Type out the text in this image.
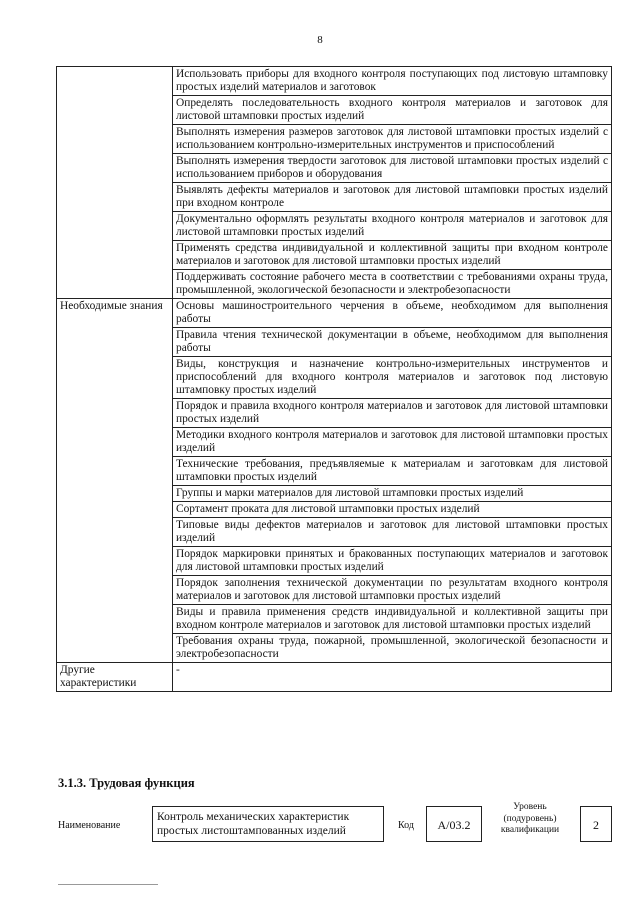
8
	Использовать приборы для входного контроля поступающих под листовую штамповку простых изделий материалов и заготовок
	Определять последовательность входного контроля материалов и заготовок для листовой штамповки простых изделий
	Выполнять измерения размеров заготовок для листовой штамповки простых изделий с использованием контрольно-измерительных инструментов и приспособлений
	Выполнять измерения твердости заготовок для листовой штамповки простых изделий с использованием приборов и оборудования
	Выявлять дефекты материалов и заготовок для листовой штамповки простых изделий при входном контроле
	Документально оформлять результаты входного контроля материалов и заготовок для листовой штамповки простых изделий
	Применять средства индивидуальной и коллективной защиты при входном контроле материалов и заготовок для листовой штамповки простых изделий
	Поддерживать состояние рабочего места в соответствии с требованиями охраны труда, промышленной, экологической безопасности и электробезопасности
Необходимые знания	Основы машиностроительного черчения в объеме, необходимом для выполнения работы
	Правила чтения технической документации в объеме, необходимом для выполнения работы
	Виды, конструкция и назначение контрольно-измерительных инструментов и приспособлений для входного контроля материалов и заготовок под листовую штамповку простых изделий
	Порядок и правила входного контроля материалов и заготовок для листовой штамповки простых изделий
	Методики входного контроля материалов и заготовок для листовой штамповки простых изделий
	Технические требования, предъявляемые к материалам и заготовкам для листовой штамповки простых изделий
	Группы и марки материалов для листовой штамповки простых изделий
	Сортамент проката для листовой штамповки простых изделий
	Типовые виды дефектов материалов и заготовок для листовой штамповки простых изделий
	Порядок маркировки принятых и бракованных поступающих материалов и заготовок для листовой штамповки простых изделий
	Порядок заполнения технической документации по результатам входного контроля материалов и заготовок для листовой штамповки простых изделий
	Виды и правила применения средств индивидуальной и коллективной защиты при входном контроле материалов и заготовок для листовой штамповки простых изделий
	Требования охраны труда, пожарной, промышленной, экологической безопасности и электробезопасности
Другие характеристики	-
3.1.3. Трудовая функция
Наименование
Контроль механических характеристик простых листоштампованных изделий	Код	A/03.2
Уровень (подуровень) квалификации	2
